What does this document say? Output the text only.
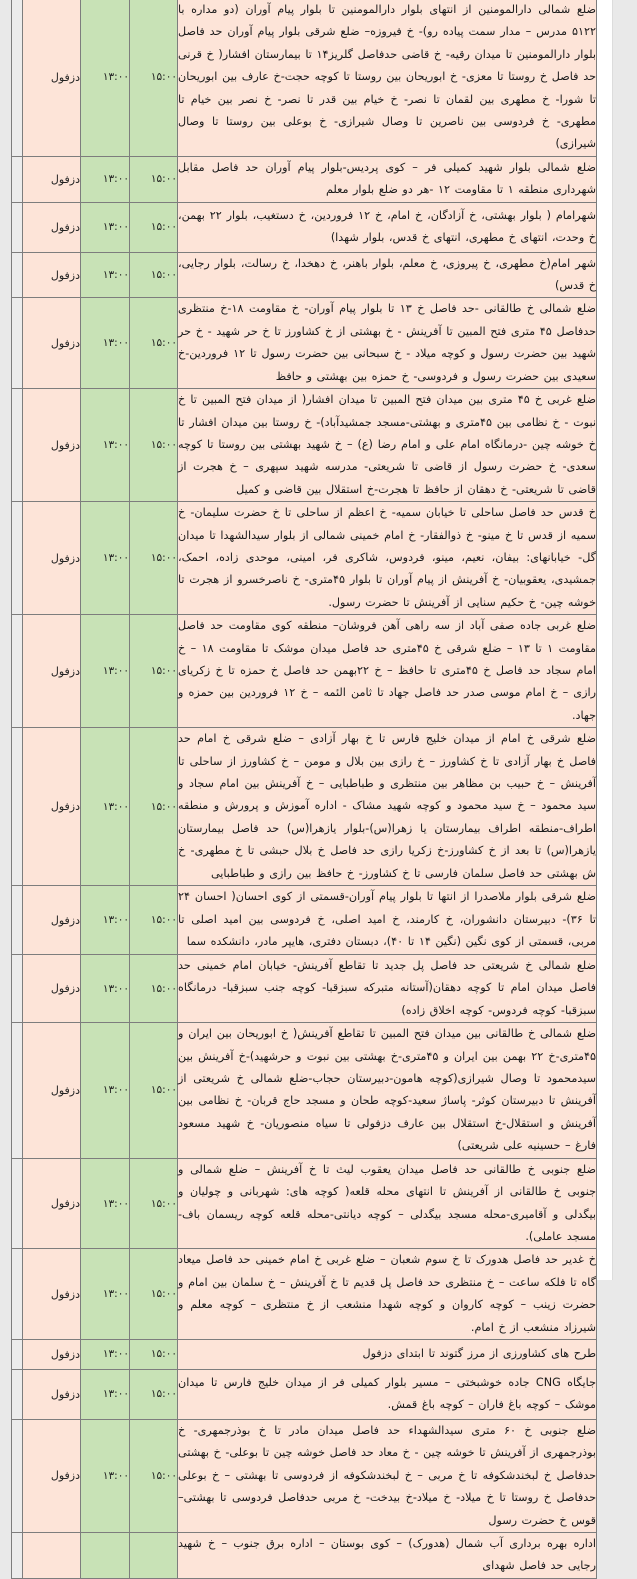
	دزفول	۱۳:۰۰	۱۵:۰۰	ضلع شمالی دارالمومنین از انتهای بلوار دارالمومنین تا بلوار پیام آوران (دو مداره با ۵۱۲۲ مدرس – مدار سمت پیاده رو)- خ فیروزه– ضلع شرقی بلوار پیام آوران حد فاصل بلوار دارالمومنین تا میدان رقیه- خ قاضی حدفاصل گلریز۱۴ تا بیمارستان افشار( خ قرنی حد فاصل خ روستا تا معزی- خ ابوریحان بین روستا تا کوچه حجت-خ عارف بین ابوریحان تا شورا- خ مطهری بین لقمان تا نصر- خ خیام بین قدر تا نصر- خ نصر بین خیام تا مطهری- خ فردوسی بین ناصرین تا وصال شیرازی- خ بوعلی بین روستا تا وصال شیرازی)
	دزفول	۱۳:۰۰	۱۵:۰۰	ضلع شمالی بلوار شهید کمیلی فر – کوی پردیس-بلوار پیام آوران حد فاصل مقابل شهرداری منطقه ۱ تا مقاومت ۱۲ -هر دو ضلع بلوار معلم
	دزفول	۱۳:۰۰	۱۵:۰۰	شهرامام ( بلوار بهشتی، خ آزادگان، خ امام، خ ۱۲ فروردین، خ دستغیب، بلوار ۲۲ بهمن، خ وحدت، انتهای خ مطهری، انتهای خ قدس، بلوار شهدا)
	دزفول	۱۳:۰۰	۱۵:۰۰	شهر امام(خ مطهری، خ پیروزی، خ معلم، بلوار باهنر، خ دهخدا، خ رسالت، بلوار رجایی، خ قدس)
	دزفول	۱۳:۰۰	۱۵:۰۰	ضلع شمالی خ طالقانی -حد فاصل خ ۱۳ تا بلوار پیام آوران- خ مقاومت ۱۸-خ منتظری حدفاصل ۴۵ متری فتح المبین تا آفرینش - خ بهشتی از خ کشاورز تا خ حر شهید - خ حر شهید بین حضرت رسول و کوچه میلاد - خ سبحانی بین حضرت رسول تا ۱۲ فروردین-خ سعیدی بین حضرت رسول و فردوسی- خ حمزه بین بهشتی و حافظ
	دزفول	۱۳:۰۰	۱۵:۰۰	ضلع غربی خ ۴۵ متری بین میدان فتح المبین تا میدان افشار( از میدان فتح المبین تا خ نبوت - خ نظامی بین ۴۵متری و بهشتی-مسجد جمشیدآباد)- خ روستا بین میدان افشار تا خ خوشه چین -درمانگاه امام علی و امام رضا (ع) – خ شهید بهشتی بین روستا تا کوچه سعدی- خ حضرت رسول از قاضی تا شریعتی- مدرسه شهید سپهری – خ هجرت از قاضی تا شریعتی- خ دهقان از حافظ تا هجرت-خ استقلال بین قاضی و کمیل
	دزفول	۱۳:۰۰	۱۵:۰۰	خ قدس حد فاصل ساحلی تا خیابان سمیه- خ اعظم از ساحلی تا خ حضرت سلیمان- خ سمیه از قدس تا خ مینو- خ ذوالفقار- خ امام خمینی شمالی از بلوار سیدالشهدا تا میدان گل- خیابانهای: بیفان، نعیم، مینو، فردوس، شاکری فر، امینی، موحدی زاده، احمک، جمشیدی، یعقوبیان- خ آفرینش از پیام آوران تا بلوار ۴۵متری- خ ناصرخسرو از هجرت تا خوشه چین- خ حکیم سنایی از آفرینش تا حضرت رسول.
	دزفول	۱۳:۰۰	۱۵:۰۰	ضلع غربی جاده صفی آباد از سه راهی آهن فروشان– منطقه کوی مقاومت حد فاصل مقاومت ۱ تا ۱۳ – ضلع شرقی خ ۴۵متری حد فاصل میدان موشک تا مقاومت ۱۸ – خ امام سجاد حد فاصل خ ۴۵متری تا حافظ – خ ۲۲بهمن حد فاصل خ حمزه تا خ زکریای رازی – خ امام موسی صدر حد فاصل جهاد تا ثامن الئمه – خ ۱۲ فروردین بین حمزه و جهاد.
	دزفول	۱۳:۰۰	۱۵:۰۰	ضلع شرقی خ امام از میدان خلیج فارس تا خ بهار آزادی – ضلع شرقی خ امام حد فاصل خ بهار آزادی تا خ کشاورز – خ رازی بین بلال و مومن – خ کشاورز از ساحلی تا آفرینش – خ حبیب بن مظاهر بین منتظری و طباطبایی – خ آفرینش بین امام سجاد و سید محمود – خ سید محمود و کوچه شهید مشاک - اداره آموزش و پرورش و منطقه اطراف-منطقه اطراف بیمارستان یا زهرا(س)-بلوار یازهرا(س) حد فاصل بیمارستان یازهرا(س) تا بعد از خ کشاورز-خ زکریا رازی حد فاصل خ بلال حبشی تا خ مطهری- خ ش بهشتی حد فاصل سلمان فارسی تا خ کشاورز- خ حافظ بین رازی و طباطبایی
	دزفول	۱۳:۰۰	۱۵:۰۰	ضلع شرقی بلوار ملاصدرا از انتها تا بلوار پیام آوران-قسمتی از کوی احسان( احسان ۲۴ تا ۳۶)- دبیرستان دانشوران، خ کارمند، خ امید اصلی، خ فردوسی بین امید اصلی تا مربی، قسمتی از کوی نگین (نگین ۱۴ تا ۴۰)، دبستان دفتری، هایپر مادر، دانشکده سما
	دزفول	۱۳:۰۰	۱۵:۰۰	ضلع شمالی خ شریعتی حد فاصل پل جدید تا تقاطع آفرینش- خیابان امام خمینی حد فاصل میدان امام تا کوچه دهقان(آستانه متبرکه سبزقبا- کوچه جنب سبزقبا- درمانگاه سبزقبا- کوچه فردوس- کوچه اخلاق زاده)
	دزفول	۱۳:۰۰	۱۵:۰۰	ضلع شمالی خ طالقانی بین میدان فتح المبین تا تقاطع آفرینش( خ ابوریحان بین ایران و ۴۵متری-خ ۲۲ بهمن بین ایران و ۴۵متری-خ بهشتی بین نبوت و حرشهید)-خ آفرینش بین سیدمحمود تا وصال شیرازی(کوچه هامون-دبیرستان حجاب-ضلع شمالی خ شریعتی از آفرینش تا دبیرستان کوثر- پاساژ سعید-کوچه طحان و مسجد حاج قربان- خ نظامی بین آفرینش و استقلال-خ استقلال بین عارف دزفولی تا سیاه منصوریان- خ شهید مسعود فارغ – حسینیه علی شریعتی)
	دزفول	۱۳:۰۰	۱۵:۰۰	ضلع جنوبی خ طالقانی حد فاصل میدان یعقوب لیث تا خ آفرینش – ضلع شمالی و جنوبی خ طالقانی از آفرینش تا انتهای محله قلعه( کوچه های: شهربانی و چولیان و بیگدلی و آقامیری-محله مسجد بیگدلی – کوچه دیانتی-محله قلعه کوچه ریسمان باف-مسجد عاملی).
	دزفول	۱۳:۰۰	۱۵:۰۰	خ غدیر حد فاصل هدورک تا خ سوم شعبان – ضلع غربی خ امام خمینی حد فاصل میعاد گاه تا فلکه ساعت – خ منتظری حد فاصل پل قدیم تا خ آفرینش – خ سلمان بین امام و حضرت زینب – کوچه کاروان و کوچه شهدا منشعب از خ منتظری – کوچه معلم و شیرزاد منشعب از خ امام.
	دزفول	۱۳:۰۰	۱۵:۰۰	طرح های کشاورزی از مرز گتوند تا ابتدای دزفول
	دزفول	۱۳:۰۰	۱۵:۰۰	جایگاه CNG جاده خوشبختی – مسیر بلوار کمیلی فر از میدان خلیج فارس تا میدان موشک – کوچه باغ فاران – کوچه باغ قمش.
	دزفول	۱۳:۰۰	۱۵:۰۰	ضلع جنوبی خ ۶۰ متری سیدالشهداء حد فاصل میدان مادر تا خ بوذرجمهری- خ بوذرجمهری از آفرینش تا خوشه چین - خ معاد حد فاصل خوشه چین تا بوعلی- خ بهشتی حدفاصل خ لبخندشکوفه تا خ مربی – خ لبخندشکوفه از فردوسی تا بهشتی – خ بوعلی حدفاصل خ روستا تا خ میلاد- خ میلاد-خ بیدخت- خ مربی حدفاصل فردوسی تا بهشتی– قوس خ حضرت رسول
				اداره بهره برداری آب شمال (هدورک) – کوی بوستان – اداره برق جنوب – خ شهید رجایی حد فاصل شهدای
